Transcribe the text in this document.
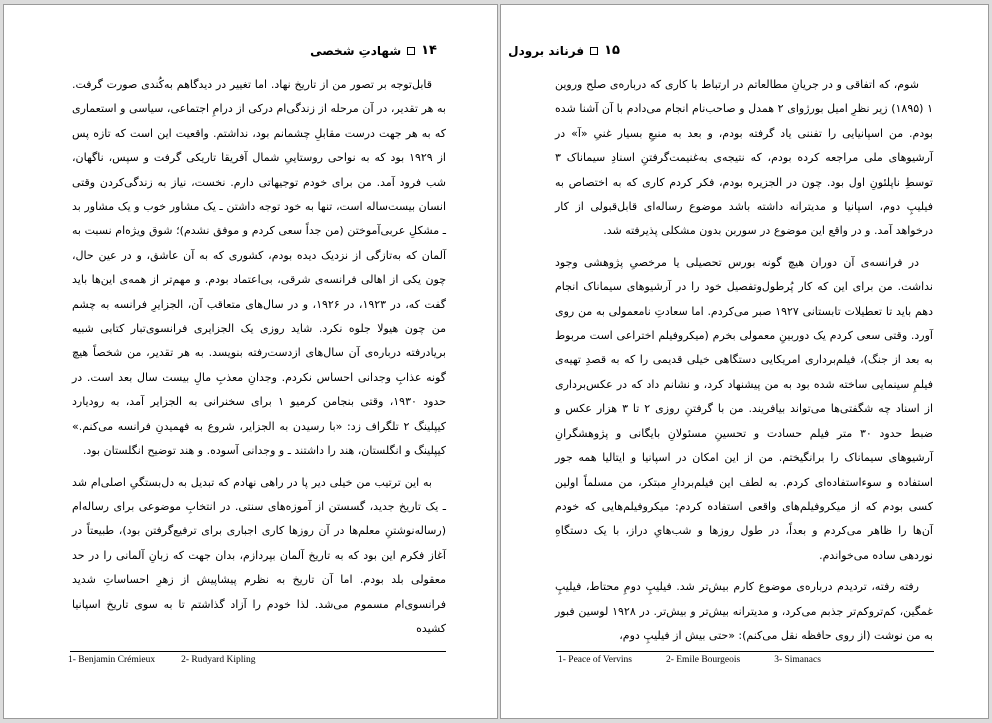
۱۴
شهادتِ شخصی

قابل‌توجه بر تصور من از تاریخ نهاد. اما تغییر در دیدگاهم به‌کُندی صورت گرفت. به هر تقدیر، در آن مرحله از زندگی‌ام درکی از درامِ اجتماعی، سیاسی و استعماری که به هر جهت درست مقابلِ چشمانم بود، نداشتم. واقعیت این است که تازه پس از ۱۹۲۹ بود که به نواحی روستاییِ شمال آفریقا تاریکی گرفت و سپس، ناگهان، شب فرود آمد. من برای خودم توجیهاتی دارم. نخست، نیاز به زندگی‌کردن وقتی انسان بیست‌ساله است، تنها به خود توجه داشتن ـ یک مشاور خوب و یک مشاور بد ـ مشکلِ عربی‌آموختن (من جداً سعی کردم و موفق نشدم)؛ شوق ویژه‌ام نسبت به آلمان که به‌تازگی از نزدیک دیده بودم، کشوری که به آن عاشق، و در عین حال، چون یکی از اهالی فرانسه‌ی شرقی، بی‌اعتماد بودم. و مهم‌تر از همه‌ی این‌ها باید گفت که، در ۱۹۲۳، در ۱۹۲۶، و در سال‌های متعاقب آن، الجزایرِ فرانسه به چشم من چون هیولا جلوه نکرد. شاید روزی یک الجزایری فرانسوی‌تبار کتابی شبیه بریادرفته درباره‌ی آن سال‌های ازدست‌رفته بنویسد. به هر تقدیر، من شخصاً هیچ گونه عذابِ وجدانی احساس نکردم. وجدانِ معذبِ مالِ بیست سال بعد است. در حدود ۱۹۳۰، وقتی بنجامن کرمیو ۱ برای سخنرانی به الجزایر آمد، به رودیارد کیپلینگ ۲ تلگراف زد: «با رسیدن به الجزایر، شروع به فهمیدنِ فرانسه می‌کنم.» کیپلینگ و انگلستان، هند را داشتند ـ و وجدانی آسوده. و هند توضیح انگلستان بود.

به این ترتیب من خیلی دیر پا در راهی نهادم که تبدیل به دل‌بستگیِ اصلی‌ام شد ـ یک تاریخ جدید، گسستن از آموزه‌های سنتی. در انتخابِ موضوعی برای رساله‌ام (رساله‌نوشتنِ معلم‌ها در آن روزها کاری اجباری برای ترفیع‌گرفتن بود)، طبیعتاً در آغاز فکرم این بود که به تاریخ آلمان بپردازم، بدان جهت که زبانِ آلمانی را در حد معقولی بلد بودم. اما آن تاریخ به نظرم پیشاپیش از زهرِ احساساتِ شدید فرانسوی‌ام مسموم می‌شد. لذا خودم را آزاد گذاشتم تا به سوی تاریخ اسپانیا کشیده

1- Benjamin Crémieux	2- Rudyard Kipling
۱۵
فرناند برودل

شوم، که اتفاقی و در جریانِ مطالعاتم در ارتباط با کاری که درباره‌ی صلح وروین ۱ (۱۸۹۵) زیر نظرِ امیل بورژوای ۲ همدل و صاحب‌نام انجام می‌دادم با آن آشنا شده بودم. من اسپانیایی را تفننی یاد گرفته بودم، و بعد به منبعِ بسیار غنیِ «آ» در آرشیوهای ملی مراجعه کرده بودم، که نتیجه‌ی به‌غنیمت‌گرفتنِ اسنادِ سیماناک ۳ توسطِ ناپلئونِ اول بود. چون در الجزیره بودم، فکر کردم کاری که به اختصاص به فیلیپِ دوم، اسپانیا و مدیترانه داشته باشد موضوع رساله‌ای قابل‌قبولی از کار درخواهد آمد. و در واقع این موضوع در سوربن بدون مشکلی پذیرفته شد.

در فرانسه‌ی آن دوران هیچ گونه بورس تحصیلی یا مرخصیِ پژوهشی وجود نداشت. من برای این که کار پُرطول‌وتفصیل خود را در آرشیوهای سیماناک انجام دهم باید تا تعطیلات تابستانی ۱۹۲۷ صبر می‌کردم. اما سعادتِ نامعمولی به من روی آورد. وقتی سعی کردم یک دوربینِ معمولی بخرم (میکروفیلم اختراعی است مربوط به بعد از جنگ)، فیلم‌برداری امریکایی دستگاهی خیلی قدیمی را که به قصدِ تهیه‌ی فیلمِ سینمایی ساخته شده بود به من پیشنهاد کرد، و نشانم داد که در عکس‌برداری از اسناد چه شگفتی‌ها می‌تواند بیافریند. من با گرفتنِ روزی ۲ تا ۳ هزار عکس و ضبط حدود ۳۰ متر فیلم حسادت و تحسینِ مسئولانِ بایگانی و پژوهشگرانِ آرشیوهای سیماناک را برانگیختم. من از این امکان در اسپانیا و ایتالیا همه جور استفاده و سوءاستفاده‌ای کردم. به لطف این فیلم‌بردارِ مبتکر، من مسلماً اولین کسی بودم که از میکروفیلم‌های واقعی استفاده کردم: میکروفیلم‌هایی که خودم آن‌ها را ظاهر می‌کردم و بعداً، در طول روزها و شب‌هایِ دراز، با یک دستگاهِ نوردهی ساده می‌خواندم.

رفته رفته، تردیدم درباره‌ی موضوع کارم بیش‌تر شد. فیلیپِ دومِ محتاط، فیلیپِ غمگین، کم‌ترو‌کم‌تر جذبم می‌کرد، و مدیترانه بیش‌تر و بیش‌تر. در ۱۹۲۸ لوسین فبور به من نوشت (از روی حافظه نقل می‌کنم): «حتی بیش از فیلیپِ دوم،

1- Peace of Vervins	2- Emile Bourgeois	3- Simanacs
